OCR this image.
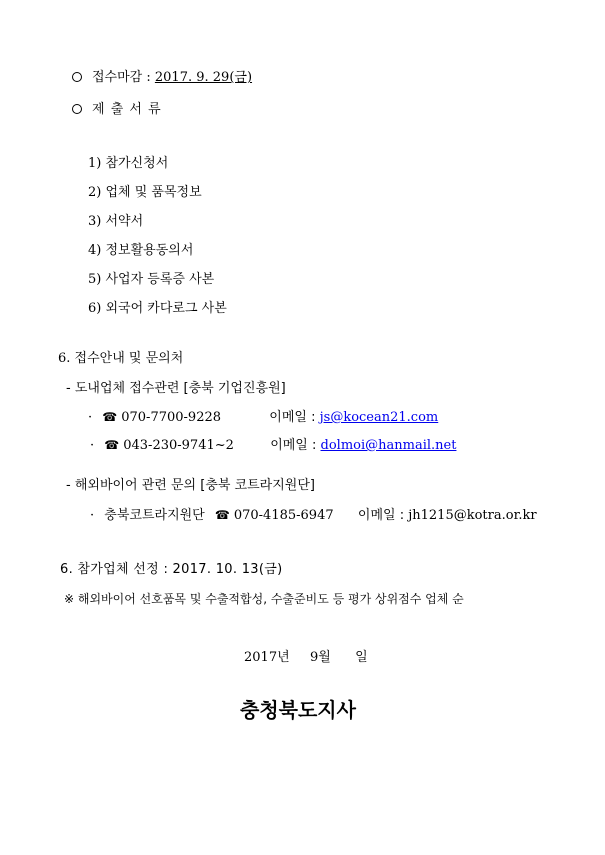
접수마감 : 2017. 9. 29(금)
제 출 서 류
1) 참가신청서
2) 업체 및 품목정보
3) 서약서
4) 정보활용동의서
5) 사업자 등록증 사본
6) 외국어 카다로그 사본
6. 접수안내 및 문의처
- 도내업체 접수관련 [충북 기업진흥원]
· ☎ 070-7700-9228	이메일 : js@kocean21.com
· ☎ 043-230-9741~2	이메일 : dolmoi@hanmail.net
- 해외바이어 관련 문의 [충북 코트라지원단]
· 충북코트라지원단 ☎ 070-4185-6947 이메일 : jh1215@kotra.or.kr
6. 참가업체 선정 : 2017. 10. 13(금)
※ 해외바이어 선호품목 및 수출적합성, 수출준비도 등 평가 상위점수 업체 순
2017년 9월 일
충청북도지사
